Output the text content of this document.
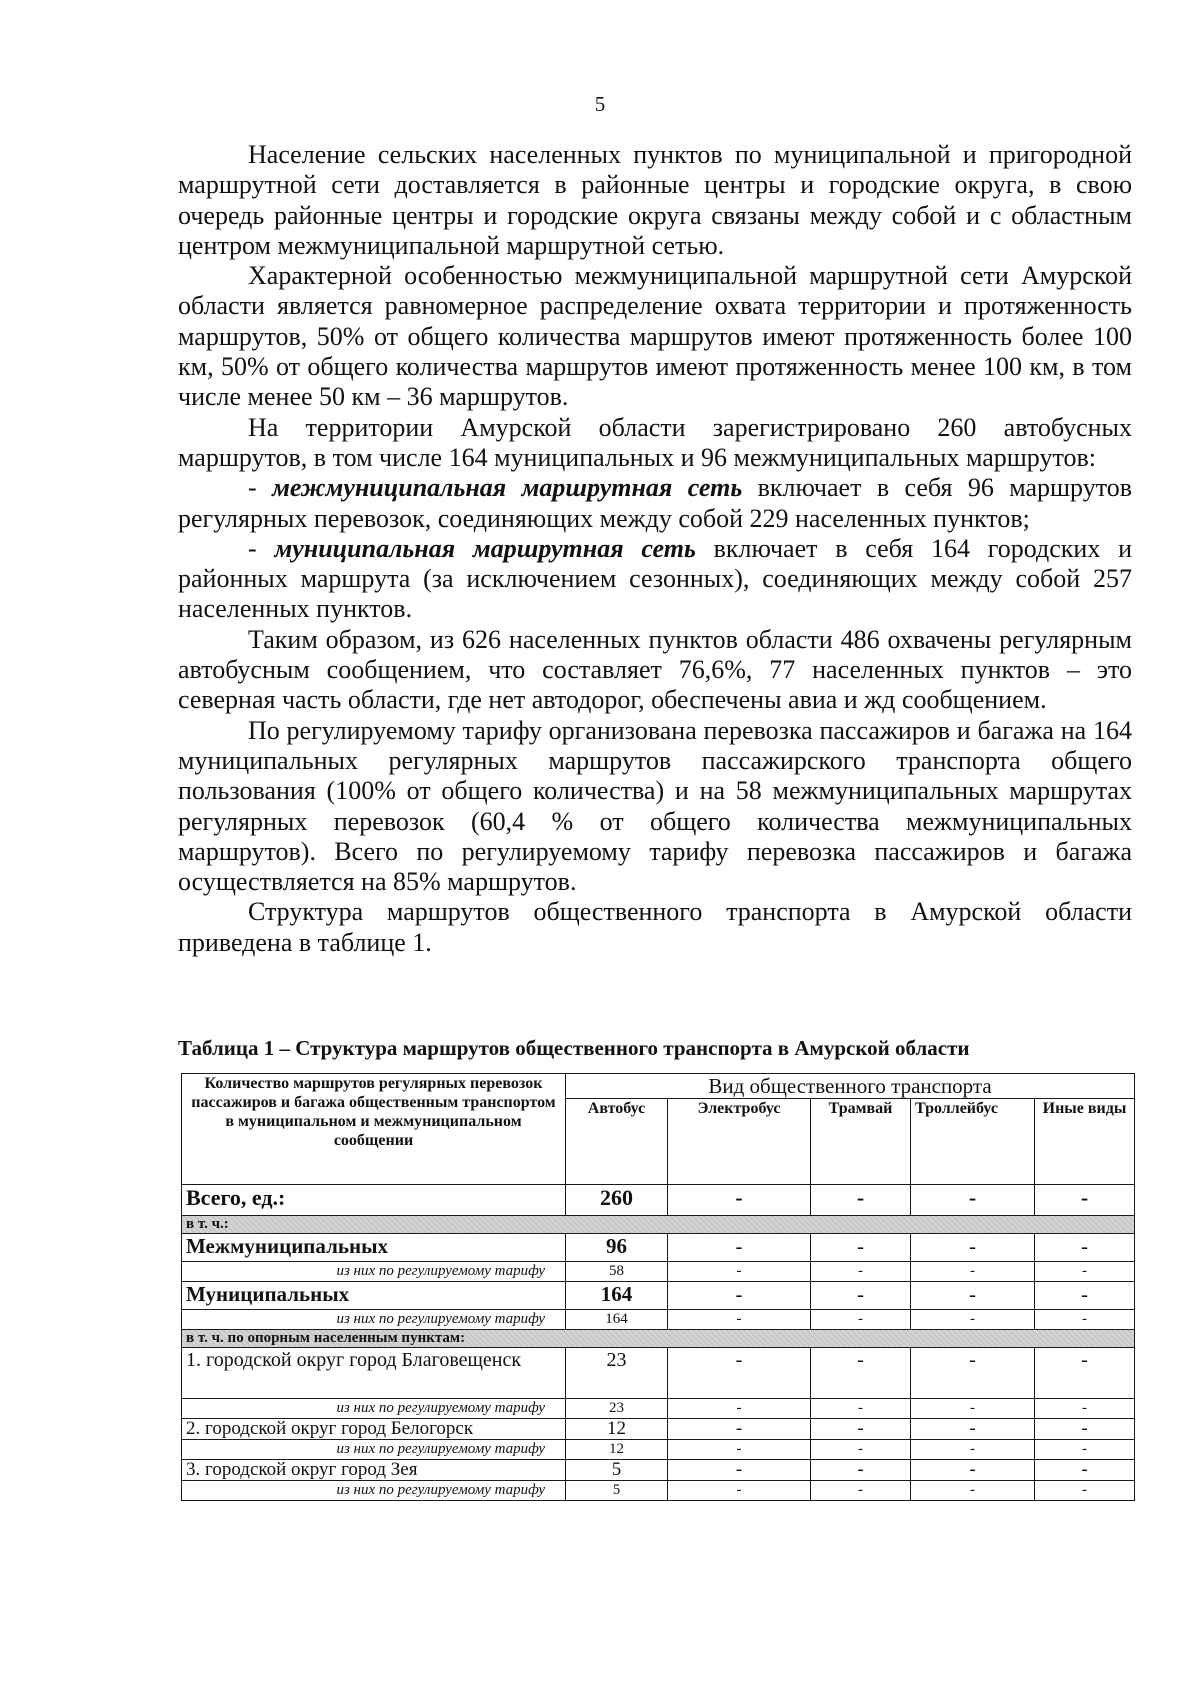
5

Население сельских населенных пунктов по муниципальной и пригородной маршрутной сети доставляется в районные центры и городские округа, в свою очередь районные центры и городские округа связаны между собой и с областным центром межмуниципальной маршрутной сетью.

Характерной особенностью межмуниципальной маршрутной сети Амурской области является равномерное распределение охвата территории и протяженность маршрутов, 50% от общего количества маршрутов имеют протяженность более 100 км, 50% от общего количества маршрутов имеют протяженность менее 100 км, в том числе менее 50 км – 36 маршрутов.

На территории Амурской области зарегистрировано 260 автобусных маршрутов, в том числе 164 муниципальных и 96 межмуниципальных маршрутов:

- межмуниципальная маршрутная сеть включает в себя 96 маршрутов регулярных перевозок, соединяющих между собой 229 населенных пунктов;

- муниципальная маршрутная сеть включает в себя 164 городских и районных маршрута (за исключением сезонных), соединяющих между собой 257 населенных пунктов.

Таким образом, из 626 населенных пунктов области 486 охвачены регулярным автобусным сообщением, что составляет 76,6%, 77 населенных пунктов – это северная часть области, где нет автодорог, обеспечены авиа и жд сообщением.

По регулируемому тарифу организована перевозка пассажиров и багажа на 164 муниципальных регулярных маршрутов пассажирского транспорта общего пользования (100% от общего количества) и на 58 межмуниципальных маршрутах регулярных перевозок (60,4 % от общего количества межмуниципальных маршрутов). Всего по регулируемому тарифу перевозка пассажиров и багажа осуществляется на 85% маршрутов.

Структура маршрутов общественного транспорта в Амурской области приведена в таблице 1.

Таблица 1 – Структура маршрутов общественного транспорта в Амурской области
Количество маршрутов регулярных перевозок пассажиров и багажа общественным транспортом в муниципальном и межмуниципальном сообщении	Вид общественного транспорта				
	Автобус	Электробус	Трамвай	Троллейбус	Иные виды
Всего, ед.:	260	-	-	-	-
в т. ч.:					
Межмуниципальных	96	-	-	-	-
из них по регулируемому тарифу	58	-	-	-	-
Муниципальных	164	-	-	-	-
из них по регулируемому тарифу	164	-	-	-	-
в т. ч. по опорным населенным пунктам:					
1. городской округ город Благовещенск	23	-	-	-	-
из них по регулируемому тарифу	23	-	-	-	-
2. городской округ город Белогорск	12	-	-	-	-
из них по регулируемому тарифу	12	-	-	-	-
3. городской округ город Зея	5	-	-	-	-
из них по регулируемому тарифу	5	-	-	-	-
